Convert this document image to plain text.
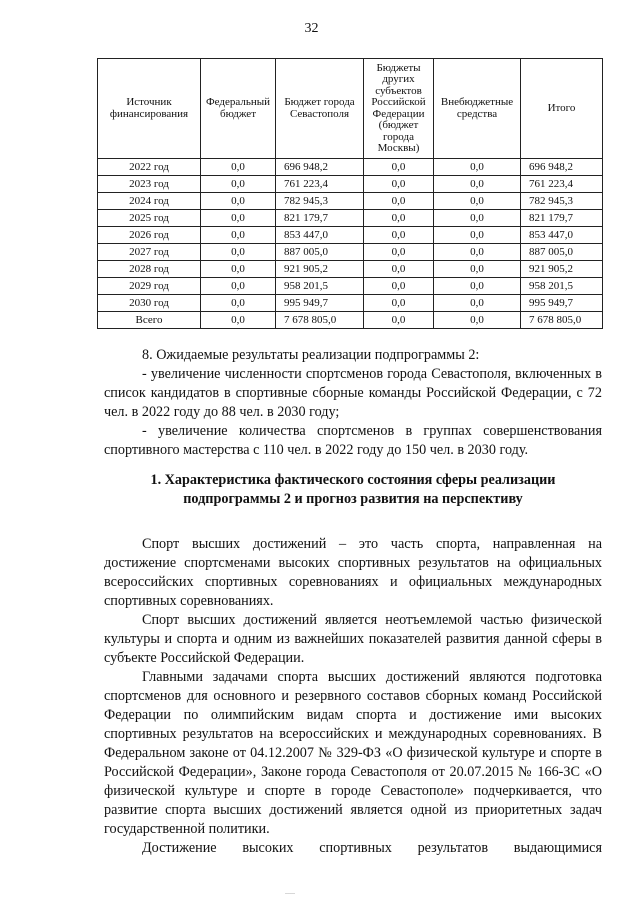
32
Источник финансирования	Федеральный бюджет	Бюджет города Севастополя	Бюджеты других субъектов Российской Федерации (бюджет города Москвы)	Внебюджетные средства	Итого
2022 год	0,0	696 948,2	0,0	0,0	696 948,2
2023 год	0,0	761 223,4	0,0	0,0	761 223,4
2024 год	0,0	782 945,3	0,0	0,0	782 945,3
2025 год	0,0	821 179,7	0,0	0,0	821 179,7
2026 год	0,0	853 447,0	0,0	0,0	853 447,0
2027 год	0,0	887 005,0	0,0	0,0	887 005,0
2028 год	0,0	921 905,2	0,0	0,0	921 905,2
2029 год	0,0	958 201,5	0,0	0,0	958 201,5
2030 год	0,0	995 949,7	0,0	0,0	995 949,7
Всего	0,0	7 678 805,0	0,0	0,0	7 678 805,0

8. Ожидаемые результаты реализации подпрограммы 2:

- увеличение численности спортсменов города Севастополя, включенных в список кандидатов в спортивные сборные команды Российской Федерации, с 72 чел. в 2022 году до 88 чел. в 2030 году;

- увеличение количества спортсменов в группах совершенствования спортивного мастерства с 110 чел. в 2022 году до 150 чел. в 2030 году.

1. Характеристика фактического состояния сферы реализации

подпрограммы 2 и прогноз развития на перспективу

Спорт высших достижений – это часть спорта, направленная на достижение спортсменами высоких спортивных результатов на официальных всероссийских спортивных соревнованиях и официальных международных спортивных соревнованиях.

Спорт высших достижений является неотъемлемой частью физической культуры и спорта и одним из важнейших показателей развития данной сферы в субъекте Российской Федерации.

Главными задачами спорта высших достижений являются подготовка спортсменов для основного и резервного составов сборных команд Российской Федерации по олимпийским видам спорта и достижение ими высоких спортивных результатов на всероссийских и международных соревнованиях. В Федеральном законе от 04.12.2007 № 329-ФЗ «О физической культуре и спорте в Российской Федерации», Законе города Севастополя от 20.07.2015 № 166-ЗС «О физической культуре и спорте в городе Севастополе» подчеркивается, что развитие спорта высших достижений является одной из приоритетных задач государственной политики.

Достижение высоких спортивных результатов выдающимися

.....
